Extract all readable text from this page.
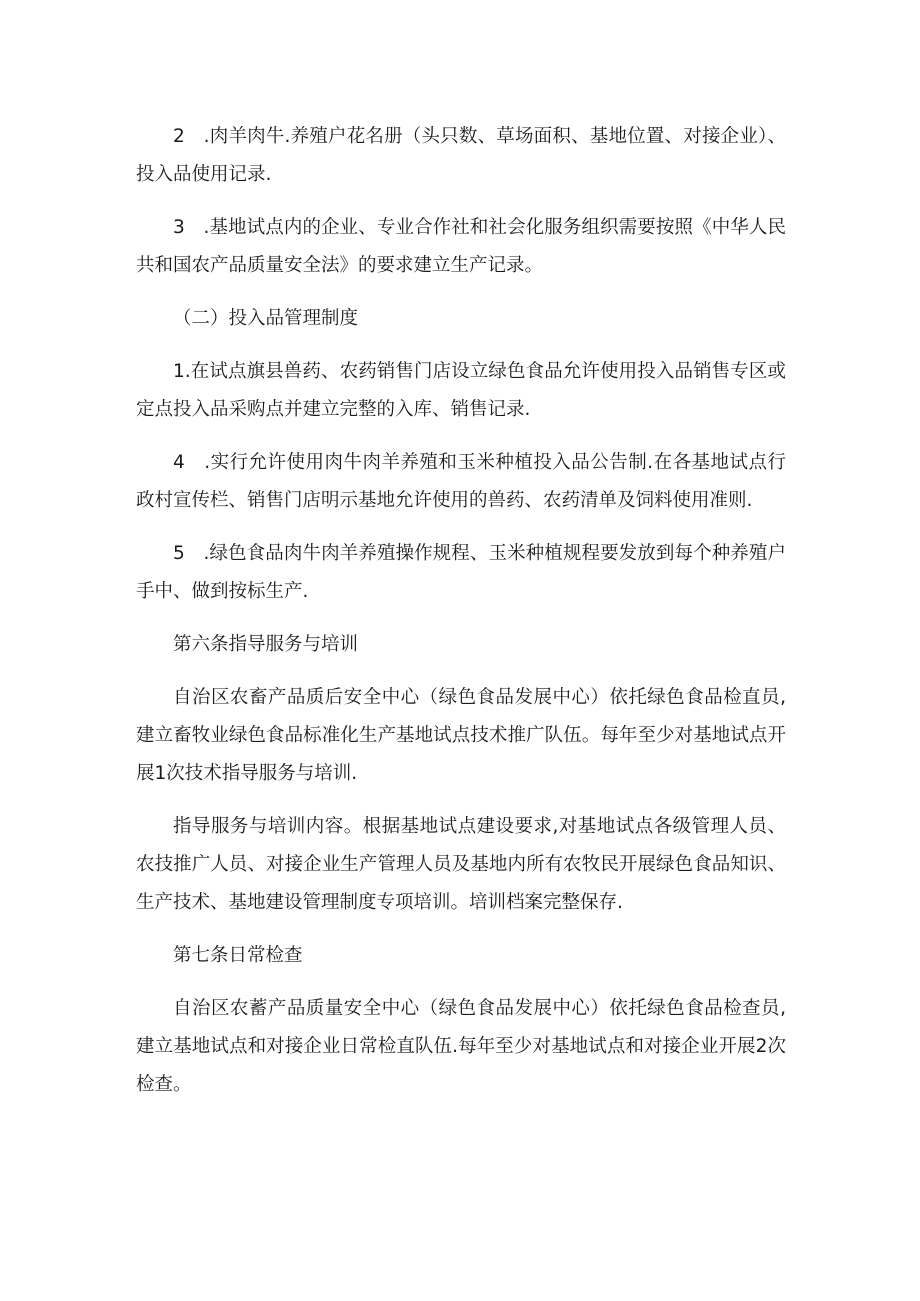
2　.肉羊肉牛.养殖户花名册（头只数、草场面积、基地位置、对接企业）、投入品使用记录.

3　.基地试点内的企业、专业合作社和社会化服务组织需要按照《中华人民共和国农产品质量安全法》的要求建立生产记录。

（二）投入品管理制度

1.在试点旗县兽药、农药销售门店设立绿色食品允许使用投入品销售专区或定点投入品采购点并建立完整的入库、销售记录.

4　.实行允许使用肉牛肉羊养殖和玉米种植投入品公告制.在各基地试点行政村宣传栏、销售门店明示基地允许使用的兽药、农药清单及饲料使用准则.

5　.绿色食品肉牛肉羊养殖操作规程、玉米种植规程要发放到每个种养殖户手中、做到按标生产.

第六条指导服务与培训

自治区农畜产品质后安全中心（绿色食品发展中心）依托绿色食品检直员,建立畜牧业绿色食品标准化生产基地试点技术推广队伍。每年至少对基地试点开展1次技术指导服务与培训.

指导服务与培训内容。根据基地试点建设要求,对基地试点各级管理人员、农技推广人员、对接企业生产管理人员及基地内所有农牧民开展绿色食品知识、生产技术、基地建设管理制度专项培训。培训档案完整保存.

第七条日常检查

自治区农蓄产品质量安全中心（绿色食品发展中心）依托绿色食品检查员,建立基地试点和对接企业日常检直队伍.每年至少对基地试点和对接企业开展2次检查。
